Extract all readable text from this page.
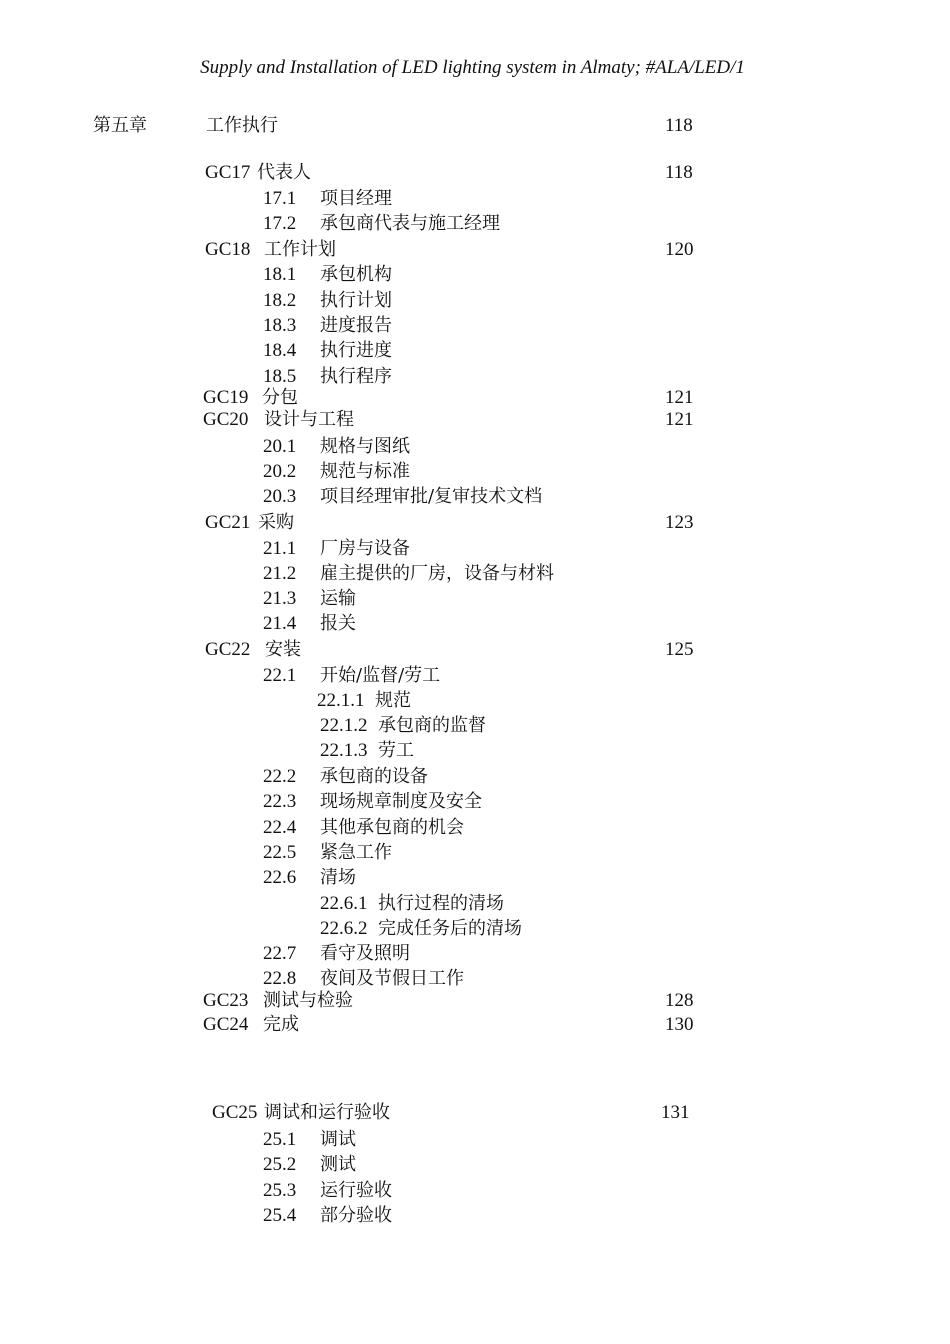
Supply and Installation of LED lighting system in Almaty; #ALA/LED/1
第五章	工作执行	118
GC17 代表人	118
17.1 项目经理
17.2 承包商代表与施工经理
GC18 工作计划	120
18.1 承包机构
18.2 执行计划
18.3 进度报告
18.4 执行进度
18.5 执行程序
GC19 分包	121
GC20 设计与工程	121
20.1 规格与图纸
20.2 规范与标准
20.3 项目经理审批/复审技术文档
GC21 采购	123
21.1 厂房与设备
21.2 雇主提供的厂房，设备与材料
21.3 运输
21.4 报关
GC22 安装	125
22.1 开始/监督/劳工
22.1.1 规范
22.1.2 承包商的监督
22.1.3 劳工
22.2 承包商的设备
22.3 现场规章制度及安全
22.4 其他承包商的机会
22.5 紧急工作
22.6 清场
22.6.1 执行过程的清场
22.6.2 完成任务后的清场
22.7 看守及照明
22.8 夜间及节假日工作
GC23 测试与检验	128
GC24 完成	130
GC25 调试和运行验收	131
25.1 调试
25.2 测试
25.3 运行验收
25.4 部分验收
